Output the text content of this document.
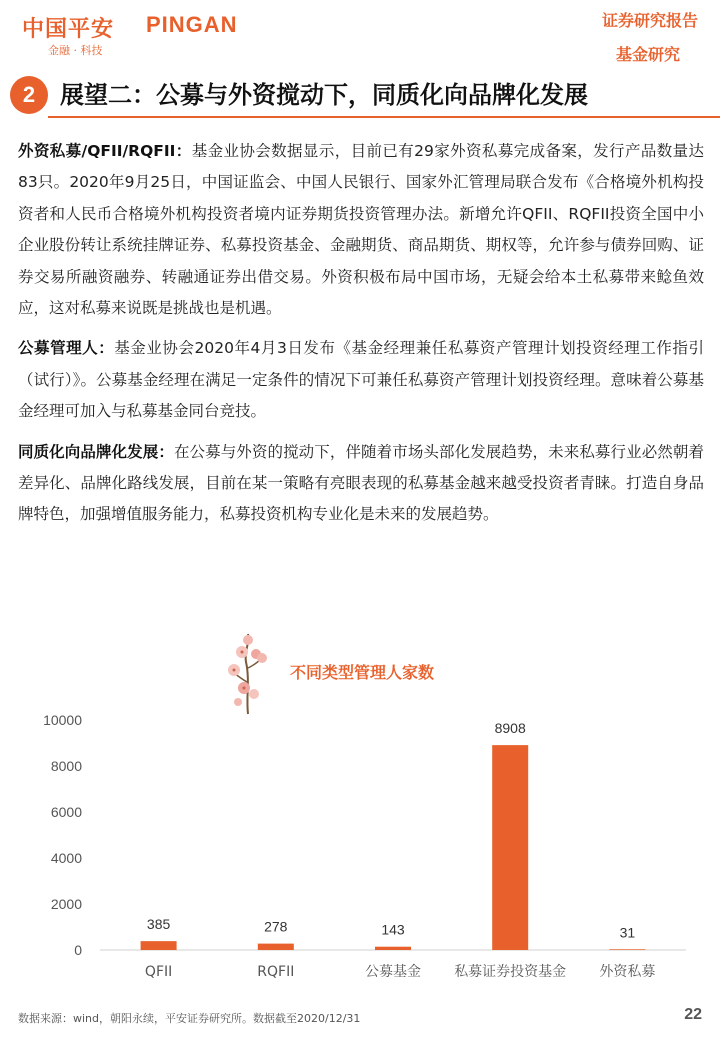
中国平安 PINGAN
金融 · 科技
证券研究报告
基金研究
2	展望二：公募与外资搅动下，同质化向品牌化发展

外资私募/QFII/RQFII：基金业协会数据显示，目前已有29家外资私募完成备案，发行产品数量达83只。2020年9月25日，中国证监会、中国人民银行、国家外汇管理局联合发布《合格境外机构投资者和人民币合格境外机构投资者境内证券期货投资管理办法。新增允许QFII、RQFII投资全国中小企业股份转让系统挂牌证券、私募投资基金、金融期货、商品期货、期权等，允许参与债券回购、证券交易所融资融券、转融通证券出借交易。外资积极布局中国市场，无疑会给本土私募带来鲶鱼效应，这对私募来说既是挑战也是机遇。

公募管理人：基金业协会2020年4月3日发布《基金经理兼任私募资产管理计划投资经理工作指引（试行）》。公募基金经理在满足一定条件的情况下可兼任私募资产管理计划投资经理。意味着公募基金经理可加入与私募基金同台竞技。

同质化向品牌化发展：在公募与外资的搅动下，伴随着市场头部化发展趋势，未来私募行业必然朝着差异化、品牌化路线发展，目前在某一策略有亮眼表现的私募基金越来越受投资者青睐。打造自身品牌特色，加强增值服务能力，私募投资机构专业化是未来的发展趋势。

不同类型管理人家数
0
2000
4000
6000
8000
10000
385
QFII
278
RQFII
143
公募基金
8908
私募证券投资基金
31
外资私募
数据来源：wind，朝阳永续，平安证券研究所。数据截至2020/12/31	22
